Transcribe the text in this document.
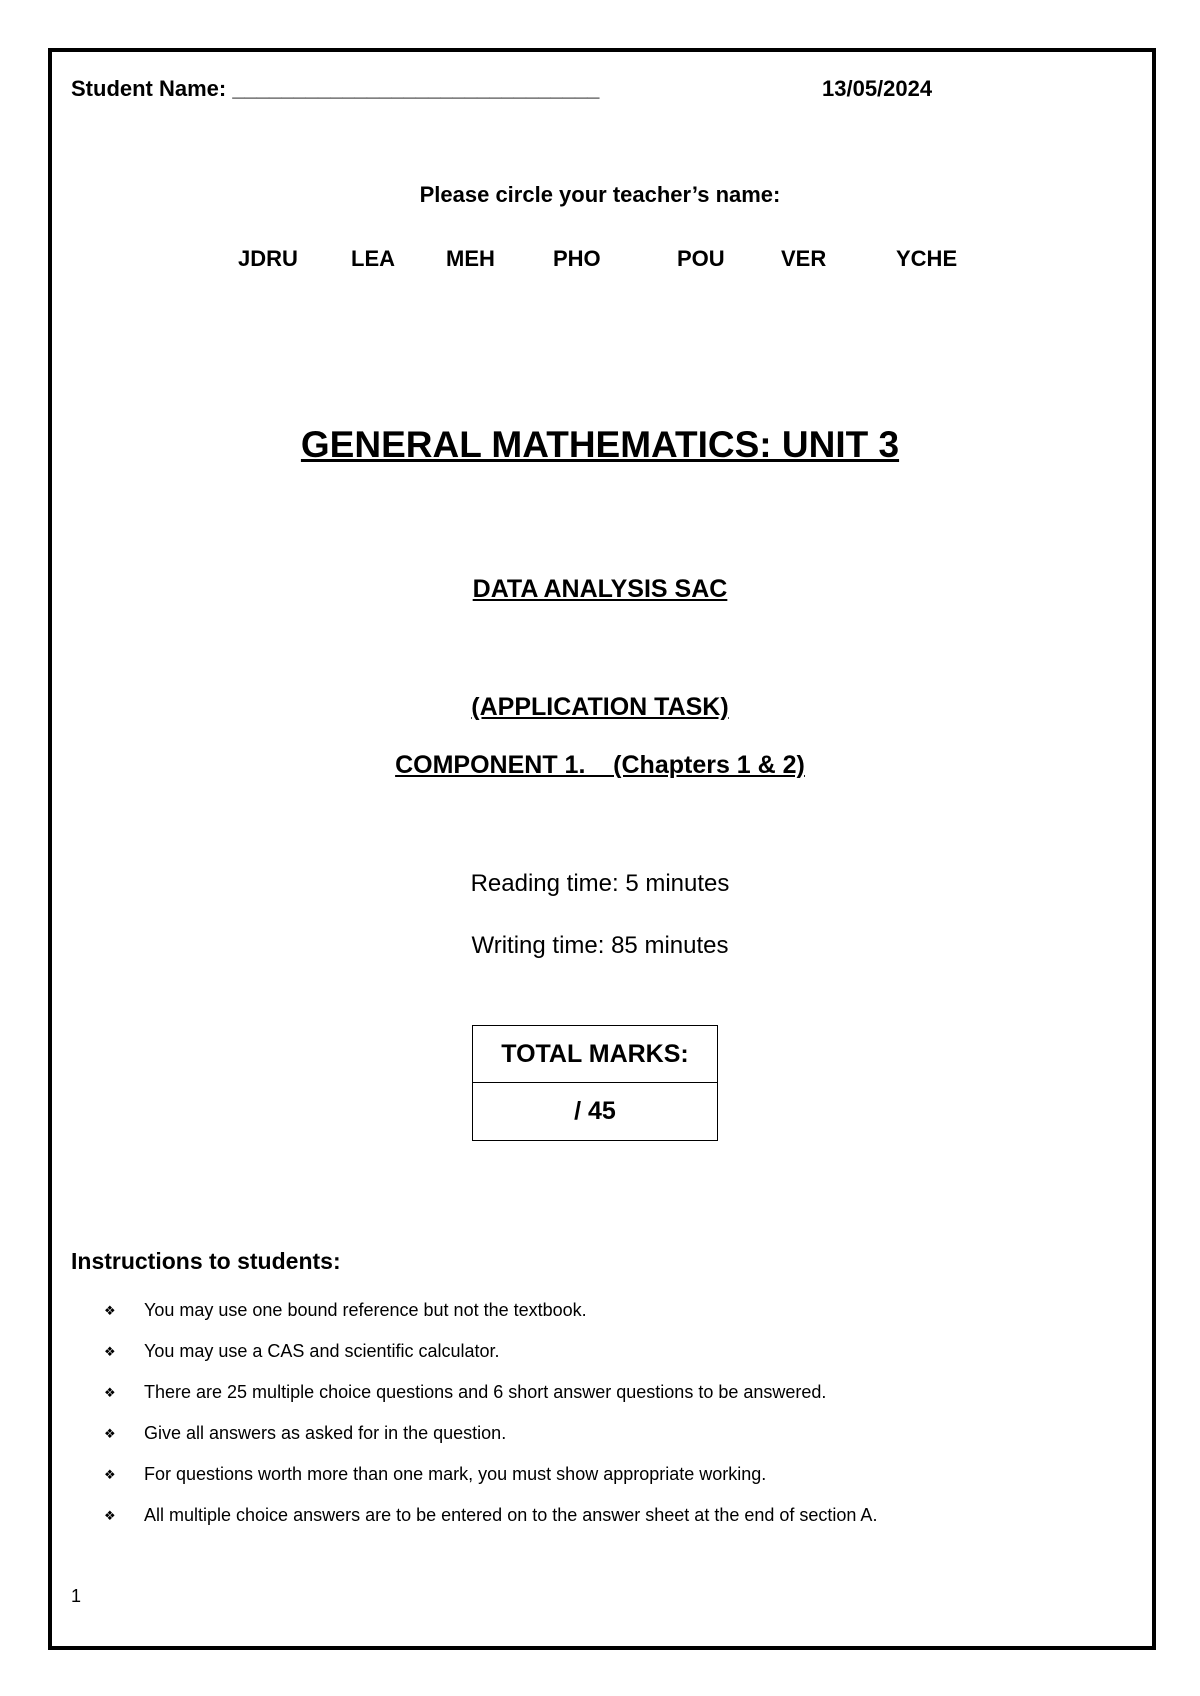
Student Name: ______________________________	13/05/2024
Please circle your teacher’s name:
JDRU LEA MEH	PHO	POU	VER	YCHE
GENERAL MATHEMATICS: UNIT 3
DATA ANALYSIS SAC
(APPLICATION TASK)
COMPONENT 1.    (Chapters 1 & 2)
Reading time: 5 minutes
Writing time: 85 minutes
TOTAL MARKS:
/ 45
Instructions to students:
❖ You may use one bound reference but not the textbook.
❖ You may use a CAS and scientific calculator.
❖ There are 25 multiple choice questions and 6 short answer questions to be answered.
❖ Give all answers as asked for in the question.
❖ For questions worth more than one mark, you must show appropriate working.
❖ All multiple choice answers are to be entered on to the answer sheet at the end of section A.
1
